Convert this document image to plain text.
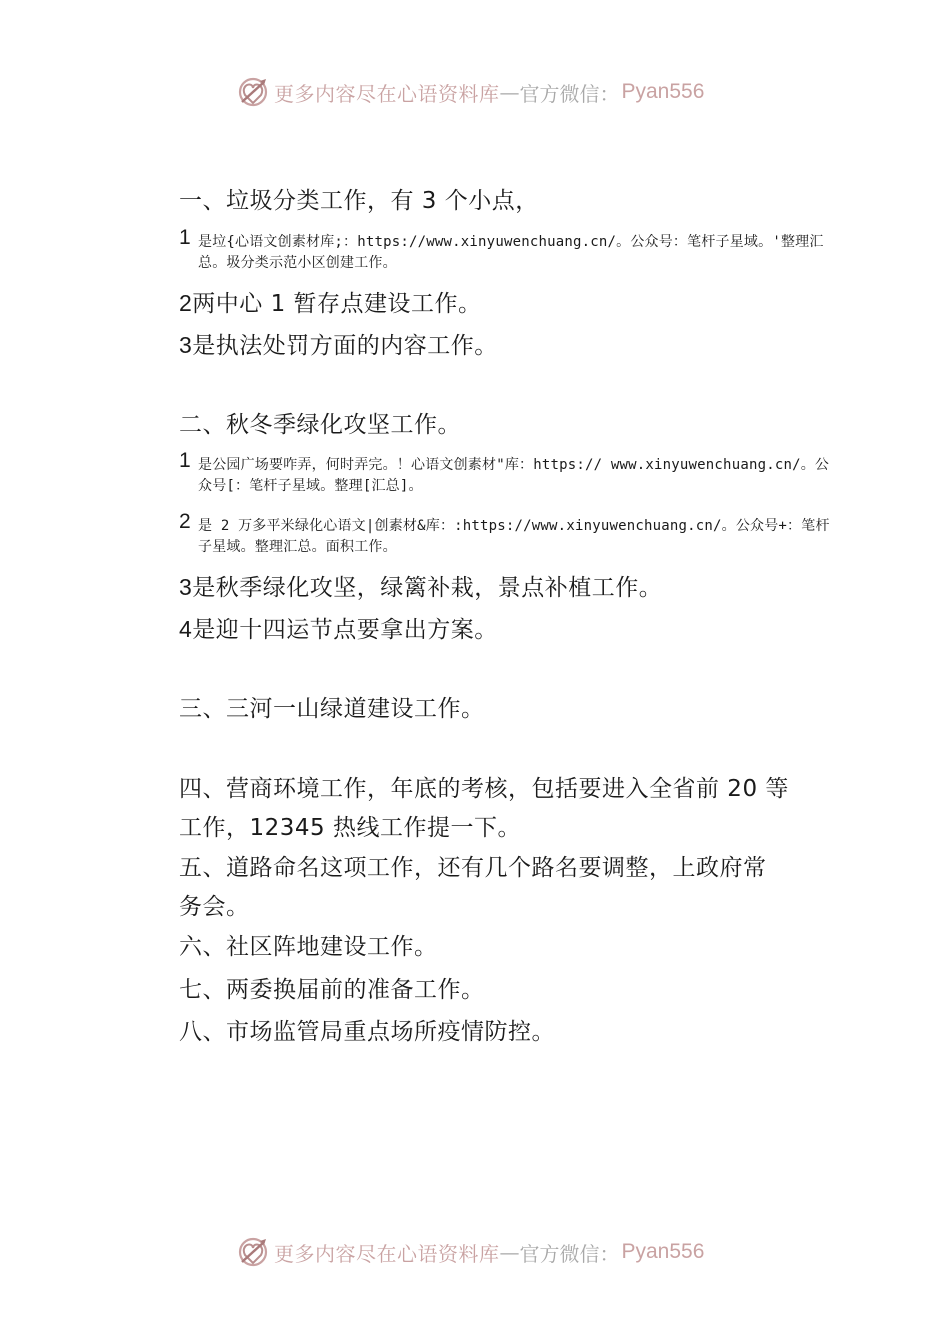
更多内容尽在心语资料库 — 官方微信： Pyan556
一、垃圾分类工作，有 3 个小点，
1 是垃{心语文创素材库;：https://www.xinyuwenchuang.cn/。公众号：笔杆子星域。'整理汇总。圾分类示范小区创建工作。
2两中心 1 暂存点建设工作。
3是执法处罚方面的内容工作。
二、秋冬季绿化攻坚工作。
1 是公园广场要咋弄，何时弄完。！心语文创素材"库：https:// www.xinyuwenchuang.cn/。公众号[：笔杆子星域。整理[汇总]。
2 是 2 万多平米绿化心语文|创素材&库：:https://www.xinyuwenchuang.cn/。公众号+：笔杆子星域。整理汇总。面积工作。
3是秋季绿化攻坚，绿篱补栽，景点补植工作。
4是迎十四运节点要拿出方案。
三、三河一山绿道建设工作。
四、营商环境工作，年底的考核，包括要进入全省前 20 等
工作，12345 热线工作提一下。
五、道路命名这项工作，还有几个路名要调整，上政府常
务会。
六、社区阵地建设工作。
七、两委换届前的准备工作。
八、市场监管局重点场所疫情防控。
更多内容尽在心语资料库 — 官方微信： Pyan556
